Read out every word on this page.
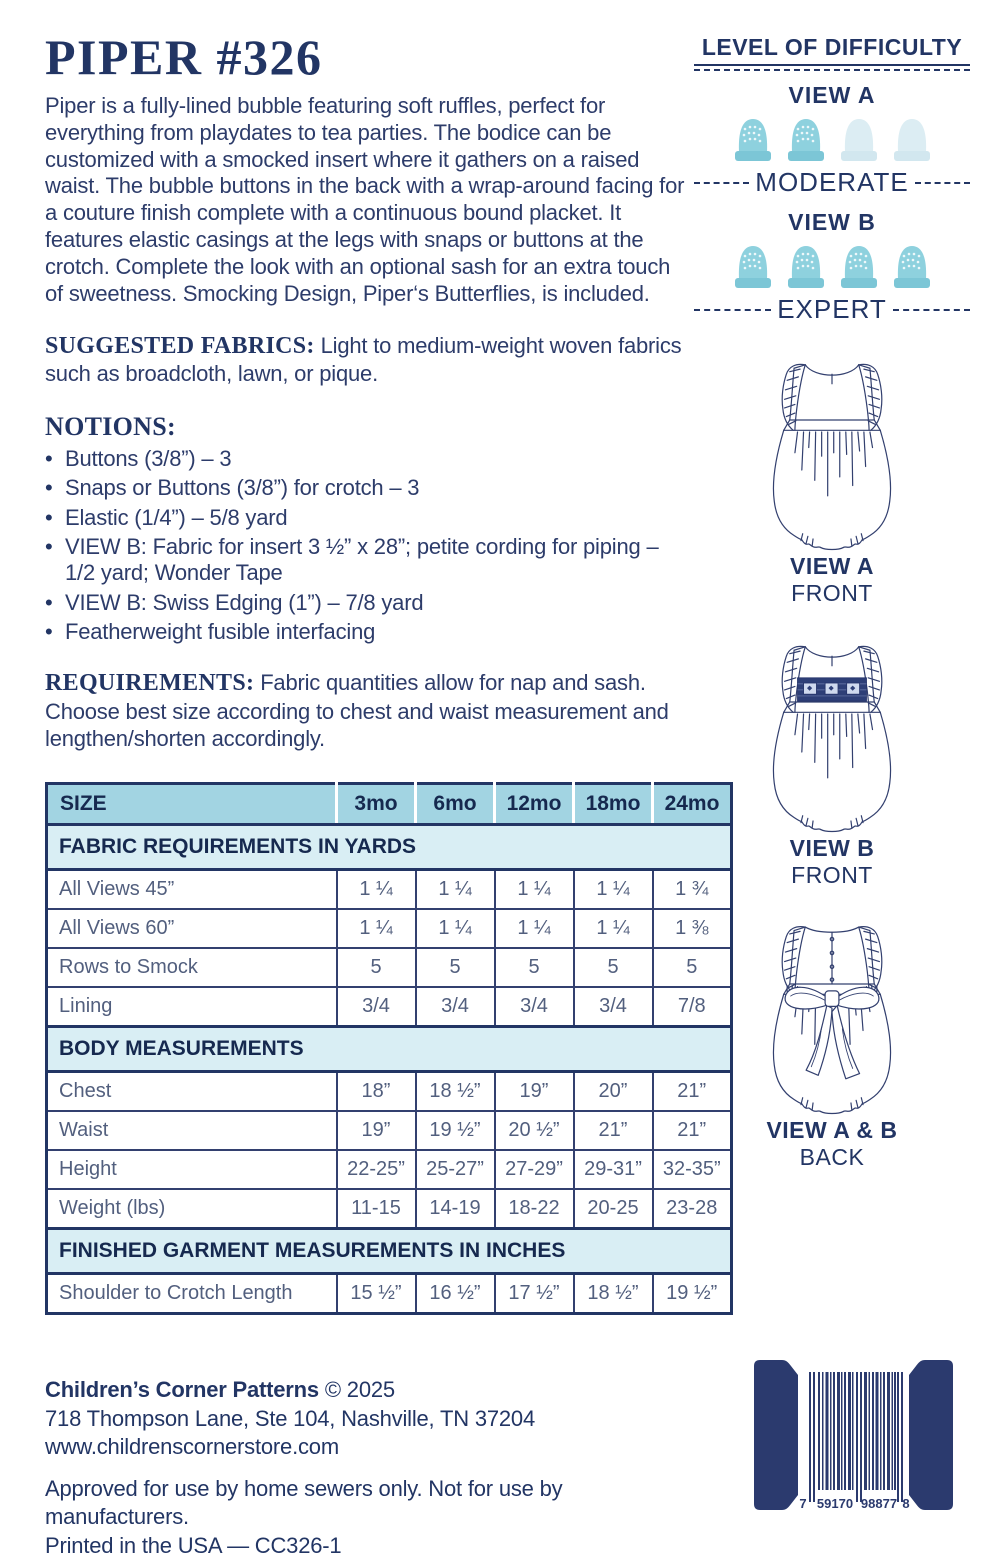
PIPER #326

Piper is a fully-lined bubble featuring soft ruffles, perfect for everything from playdates to tea parties. The bodice can be customized with a smocked insert where it gathers on a raised waist. The bubble buttons in the back with a wrap-around facing for a couture finish complete with a continuous bound placket. It features elastic casings at the legs with snaps or buttons at the crotch. Complete the look with an optional sash for an extra touch of sweetness. Smocking Design, Piper‘s Butterflies, is included.

SUGGESTED FABRICS: Light to medium-weight woven fabrics such as broadcloth, lawn, or pique.

NOTIONS:
• Buttons (3/8”) – 3
• Snaps or Buttons (3/8”) for crotch – 3
• Elastic (1/4”) – 5/8 yard
• VIEW B: Fabric for insert 3 ½” x 28”; petite cording for piping – 1/2 yard; Wonder Tape
• VIEW B: Swiss Edging (1”) – 7/8 yard
• Featherweight fusible interfacing

REQUIREMENTS: Fabric quantities allow for nap and sash. Choose best size according to chest and waist measurement and lengthen/shorten accordingly.

SIZE	3mo	6mo	12mo	18mo	24mo
FABRIC REQUIREMENTS IN YARDS					
All Views 45”	1 ¼	1 ¼	1 ¼	1 ¼	1 ¾
All Views 60”	1 ¼	1 ¼	1 ¼	1 ¼	1 ⅜
Rows to Smock	5	5	5	5	5
Lining	3/4	3/4	3/4	3/4	7/8
BODY MEASUREMENTS					
Chest	18”	18 ½”	19”	20”	21”
Waist	19”	19 ½”	20 ½”	21”	21”
Height	22-25”	25-27”	27-29”	29-31”	32-35”
Weight (lbs)	11-15	14-19	18-22	20-25	23-28
FINISHED GARMENT MEASUREMENTS IN INCHES					
Shoulder to Crotch Length	15 ½”	16 ½”	17 ½”	18 ½”	19 ½”
LEVEL OF DIFFICULTY
VIEW A
MODERATE
VIEW B
EXPERT
VIEW A
FRONT
VIEW B
FRONT
VIEW A & B
BACK

Children’s Corner Patterns © 2025

718 Thompson Lane, Ste 104, Nashville, TN 37204

www.childrenscornerstore.com

Approved for use by home sewers only. Not for use by manufacturers.

Printed in the USA — CC326-1

7 59170 98877 8
